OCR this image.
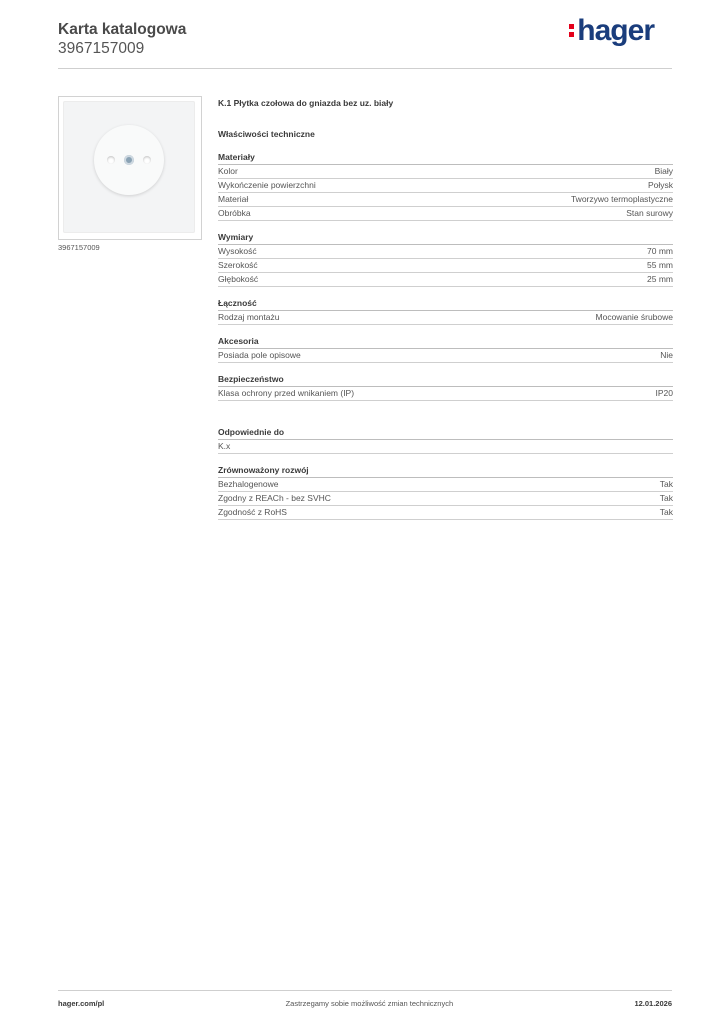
Karta katalogowa
3967157009
hager
3967157009
K.1 Płytka czołowa do gniazda bez uz. biały
Właściwości techniczne
Materiały
Kolor	Biały
Wykończenie powierzchni	Połysk
Materiał	Tworzywo termoplastyczne
Obróbka	Stan surowy
Wymiary
Wysokość	70 mm
Szerokość	55 mm
Głębokość	25 mm
Łączność
Rodzaj montażu	Mocowanie śrubowe
Akcesoria
Posiada pole opisowe	Nie
Bezpieczeństwo
Klasa ochrony przed wnikaniem (IP)	IP20
Odpowiednie do
K.x
Zrównoważony rozwój
Bezhalogenowe	Tak
Zgodny z REACh - bez SVHC	Tak
Zgodność z RoHS	Tak
hager.com/pl	Zastrzegamy sobie możliwość zmian technicznych	12.01.2026
